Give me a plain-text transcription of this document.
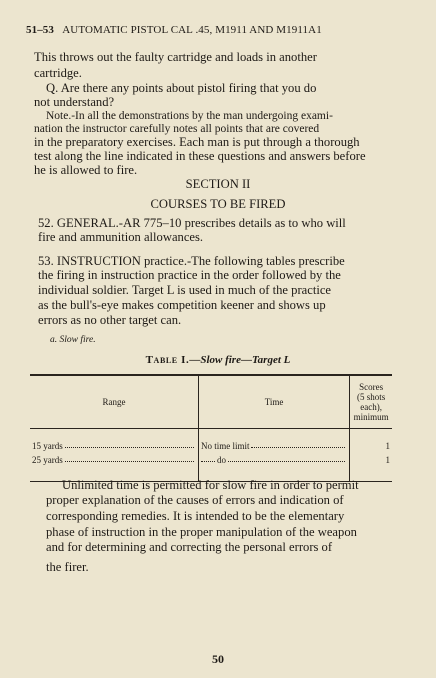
51–53 AUTOMATIC PISTOL CAL .45, M1911 AND M1911A1

This throws out the faulty cartridge and loads in another

cartridge.

Q. Are there any points about pistol firing that you do

not understand?

Note.-In all the demonstrations by the man undergoing exami-

nation the instructor carefully notes all points that are covered

in the preparatory exercises. Each man is put through a thorough

test along the line indicated in these questions and answers before

he is allowed to fire.

SECTION II

COURSES TO BE FIRED

52. GENERAL.-AR 775–10 prescribes details as to who will

fire and ammunition allowances.

53. INSTRUCTION practice.-The following tables prescribe

the firing in instruction practice in the order followed by the

individual soldier. Target L is used in much of the practice

as the bull's-eye makes competition keener and shows up

errors as no other target can.

a. Slow fire.

Table I.—Slow fire—Target L
Range	Time	Scores
(5 shots
each),
minimum

15 yards	No time limit	1

25 yards	do	1

Unlimited time is permitted for slow fire in order to permit

proper explanation of the causes of errors and indication of

corresponding remedies. It is intended to be the elementary

phase of instruction in the proper manipulation of the weapon

and for determining and correcting the personal errors of

the firer.

50
